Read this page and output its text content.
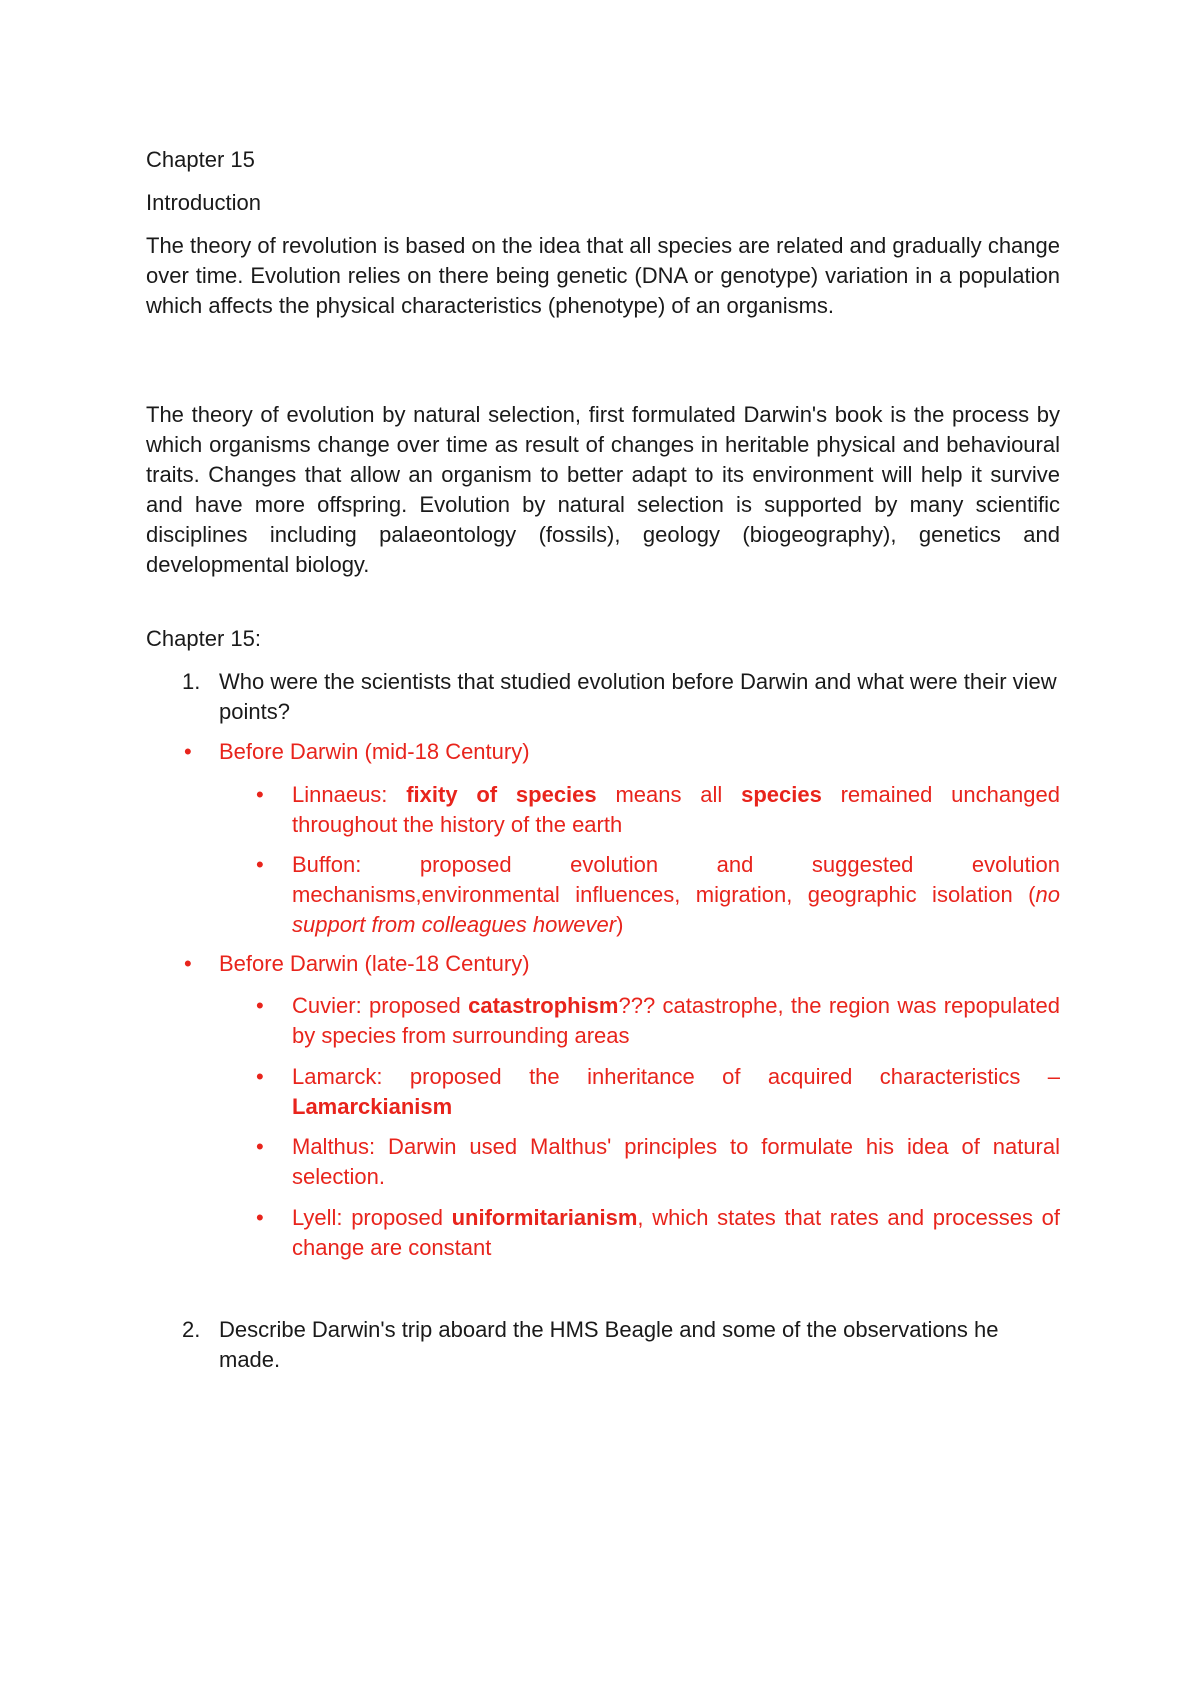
Chapter 15

Introduction

The theory of revolution is based on the idea that all species are related and gradually change over time. Evolution relies on there being genetic (DNA or genotype) variation in a population which affects the physical characteristics (phenotype) of an organisms.

The theory of evolution by natural selection, first formulated Darwin's book is the process by which organisms change over time as result of changes in heritable physical and behavioural traits. Changes that allow an organism to better adapt to its environment will help it survive and have more offspring. Evolution by natural selection is supported by many scientific disciplines including palaeontology (fossils), geology (biogeography), genetics and developmental biology.

Chapter 15:

1. Who were the scientists that studied evolution before Darwin and what were their view points?
• Before Darwin (mid-18 Century)
• Linnaeus: fixity of species means all species remained unchanged throughout the history of the earth
• Buffon: proposed evolution and suggested evolution mechanisms,environmental influences, migration, geographic isolation (no support from colleagues however)
• Before Darwin (late-18 Century)
• Cuvier: proposed catastrophism??? catastrophe, the region was repopulated by species from surrounding areas
• Lamarck: proposed the inheritance of acquired characteristics – Lamarckianism
• Malthus: Darwin used Malthus' principles to formulate his idea of natural selection.
• Lyell: proposed uniformitarianism, which states that rates and processes of change are constant
2. Describe Darwin's trip aboard the HMS Beagle and some of the observations he made.
